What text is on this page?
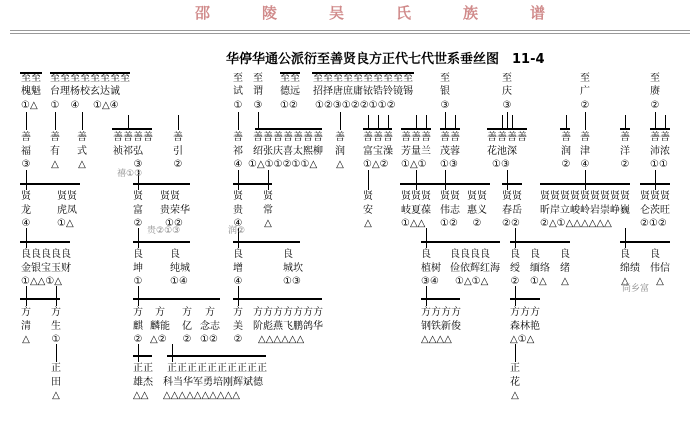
邵	陵	吴	氏	族	谱
华停华通公派衍至善贤良方正代七代世系垂丝图　11-4
至 至 至 至 至 至 至 至 至 至	至 至 至 至 至 至 至 至 至 至 至 至 至 至	至	至	至	至
槐 魁 台 理 杨 校 玄 达 诚	试 谓 德 远 招 择 唐 庶 庸 铱 锆 铃 镜 锡	银	庆	广	赓
①△ ① ④ ①△④	① ③ ①② ①②③①②②①①②	③	③	②	②
善 善 善	善 善 善 善 善	善 善 善 善 善 善 善 善 善 善 善 善 善 善 善 善 善	善 善 善 善	善 善	善 善 善
福 有 式	祯 祁 弘	引	祁 绍 张 庆 喜 太 熙 柳 润 富 宝 澡 芳 量 兰 茂 蓉	花 池 深	润 津	洋 沛 浓
③ △ △	③	②	④ ①△①①②①①△ △ ①△② ①△① ①③	①③	② ④	② ①①
贤	贤 贤	贤 贤 贤	贤 贤	贤	贤 贤 贤 贤 贤 贤 贤 贤 贤 贤 贤 贤 贤 贤 贤 贤 贤 贤 贤 贤 贤
龙	虎 凤	富 贵 荣 华	贵 常	安	岐 夏 葆 伟 志 惠 义 春 岳 昕 岸 立 峻 岭 岩 崇 峥 巍 仑 茨 旺
④	①△	② ①②	④ △	△	①△△ ①② ② ②② ②△①△△△△△△	②①②
良 良 良 良 良	良	良	良	良	良 良 良 良 良 良 良 良	良 良
金 银 宝 玉 财	坤	纯 城	增	城 坎	植 树 俭 依 辉 红 海 绶 缅 络 绪	绵 绩 伟 信
①△△①△	①	①④	④	①③	③④ ①△①△ ② ①△ △	△	△
方 方	方 方 方 方 方 方 方 方 方 方 方 方	方 方 方 方	方 方 方
清 生	麒 麟 能 亿 念 志 美 阶 彪 燕 飞 鹏 鸽 华	钢 铁 新 俊	森 林 艳
△ ①	② △② ② ①② ② △△△△△△	△△△△	△①△
正	正 正 正 正 正 正 正 正 正 正 正 正	正
田	雄 杰 科 当 华 军 勇 培 刚 辉 斌 德	花
△	△△ △△△△△△△△△△	△
禧①③
贵②①③	润②
尚乡富
